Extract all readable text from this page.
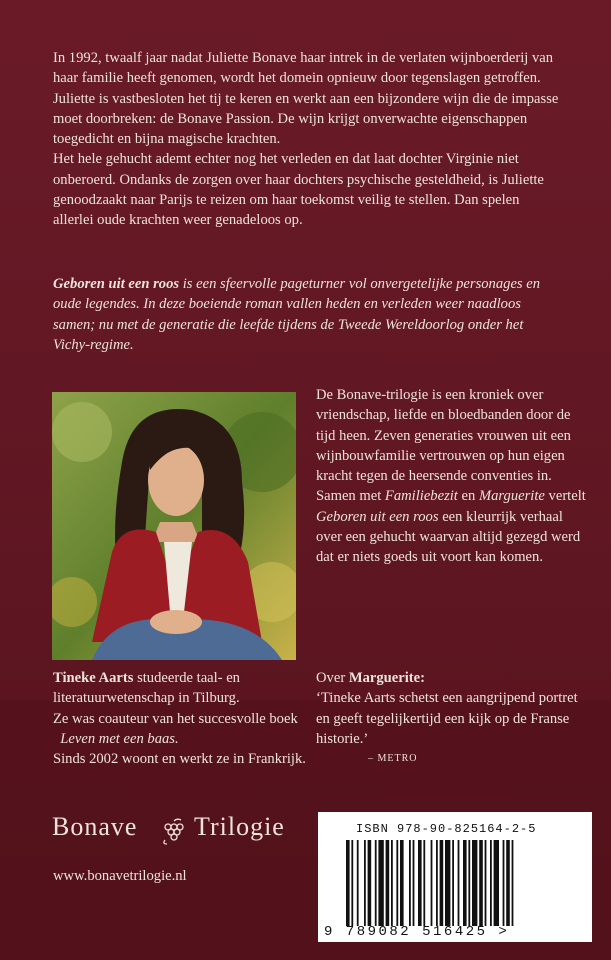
In 1992, twaalf jaar nadat Juliette Bonave haar intrek in de verlaten wijnboerderij van haar familie heeft genomen, wordt het domein opnieuw door tegenslagen getroffen. Juliette is vastbesloten het tij te keren en werkt aan een bijzondere wijn die de impasse moet doorbreken: de Bonave Passion. De wijn krijgt onverwachte eigenschappen toegedicht en bijna magische krachten.
Het hele gehucht ademt echter nog het verleden en dat laat dochter Virginie niet onberoerd. Ondanks de zorgen over haar dochters psychische gesteldheid, is Juliette genoodzaakt naar Parijs te reizen om haar toekomst veilig te stellen. Dan spelen allerlei oude krachten weer genadeloos op.
Geboren uit een roos is een sfeervolle pageturner vol onvergetelijke personages en oude legendes. In deze boeiende roman vallen heden en verleden weer naadloos samen; nu met de generatie die leefde tijdens de Tweede Wereldoorlog onder het Vichy-regime.
De Bonave-trilogie is een kroniek over vriendschap, liefde en bloedbanden door de tijd heen. Zeven generaties vrouwen uit een wijnbouwfamilie vertrouwen op hun eigen kracht tegen de heersende conventies in. Samen met Familiebezit en Marguerite vertelt Geboren uit een roos een kleurrijk verhaal over een gehucht waarvan altijd gezegd werd dat er niets goeds uit voort kan komen.
Tineke Aarts studeerde taal- en literatuurwetenschap in Tilburg.
Ze was coauteur van het succesvolle boek
Leven met een baas.
Sinds 2002 woont en werkt ze in Frankrijk.
Over Marguerite:
‘Tineke Aarts schetst een aangrijpend portret en geeft tegelijkertijd een kijk op de Franse historie.’
– METRO
Bonave Trilogie
www.bonavetrilogie.nl
ISBN 978-90-825164-2-5
9 789082 516425 >
